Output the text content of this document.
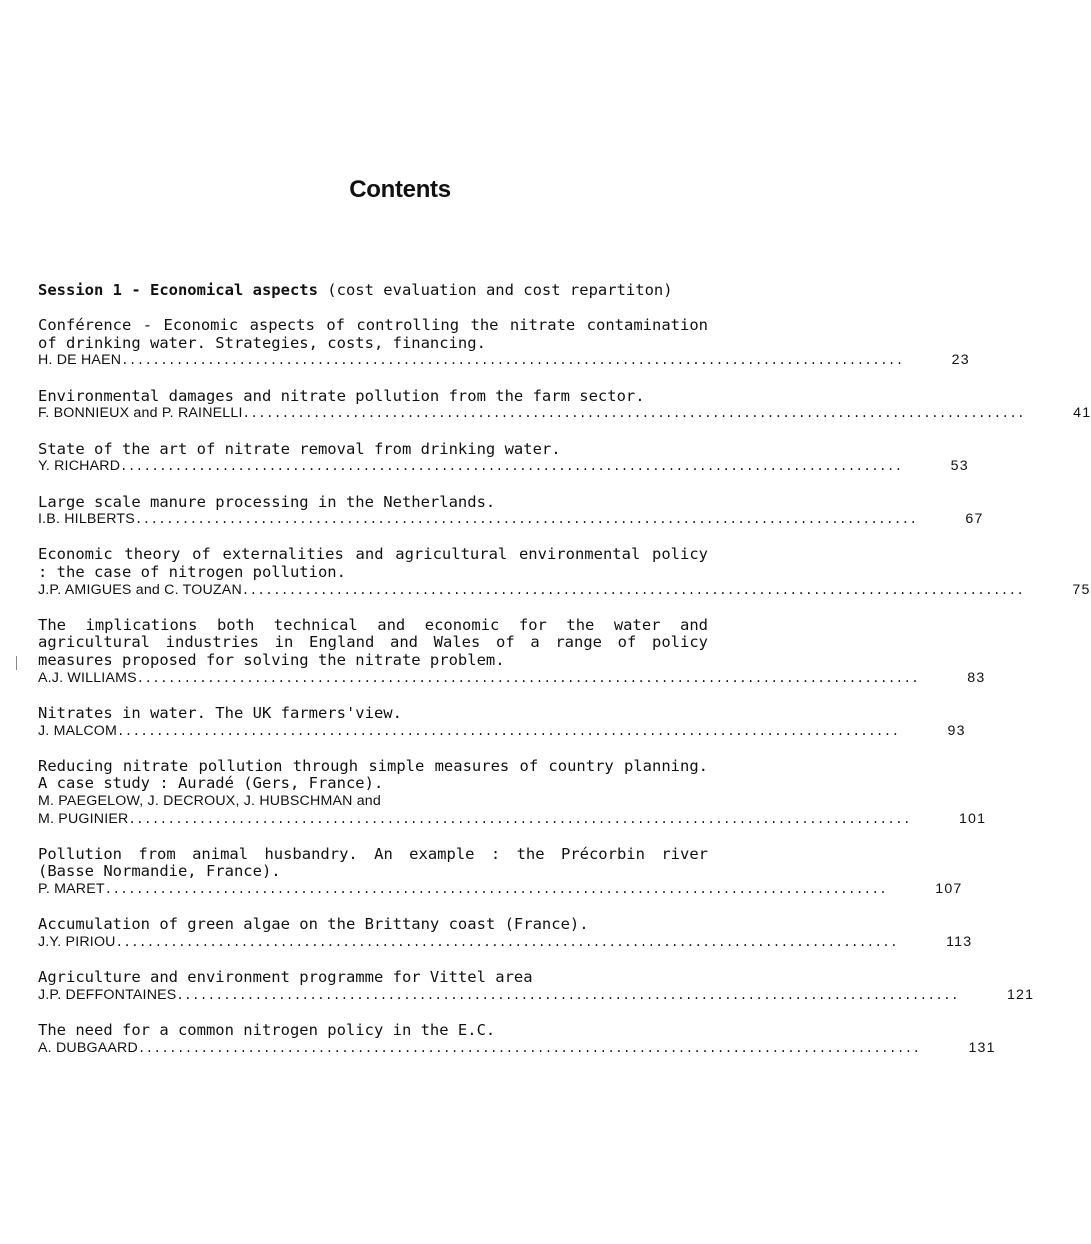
Contents
Session 1 - Economical aspects (cost evaluation and cost repartiton)
Conférence - Economic aspects of controlling the nitrate contamination of drinking water. Strategies, costs, financing.
H. DE HAEN ....................................................................................................	23
Environmental damages and nitrate pollution from the farm sector.
F. BONNIEUX and P. RAINELLI ....................................................................................................	41
State of the art of nitrate removal from drinking water.
Y. RICHARD ....................................................................................................	53
Large scale manure processing in the Netherlands.
I.B. HILBERTS ....................................................................................................	67
Economic theory of externalities and agricultural environmental policy : the case of nitrogen pollution.
J.P. AMIGUES and C. TOUZAN ....................................................................................................	75
The implications both technical and economic for the water and agricultural industries in England and Wales of a range of policy measures proposed for solving the nitrate problem.
A.J. WILLIAMS ....................................................................................................	83
Nitrates in water. The UK farmers'view.
J. MALCOM ....................................................................................................	93
Reducing nitrate pollution through simple measures of country planning. A case study : Auradé (Gers, France).
M. PAEGELOW, J. DECROUX, J. HUBSCHMAN and
M. PUGINIER ....................................................................................................	101
Pollution from animal husbandry. An example : the Précorbin river (Basse Normandie, France).
P. MARET ....................................................................................................	107
Accumulation of green algae on the Brittany coast (France).
J.Y. PIRIOU ....................................................................................................	113
Agriculture and environment programme for Vittel area
J.P. DEFFONTAINES ....................................................................................................	121
The need for a common nitrogen policy in the E.C.
A. DUBGAARD ....................................................................................................	131
